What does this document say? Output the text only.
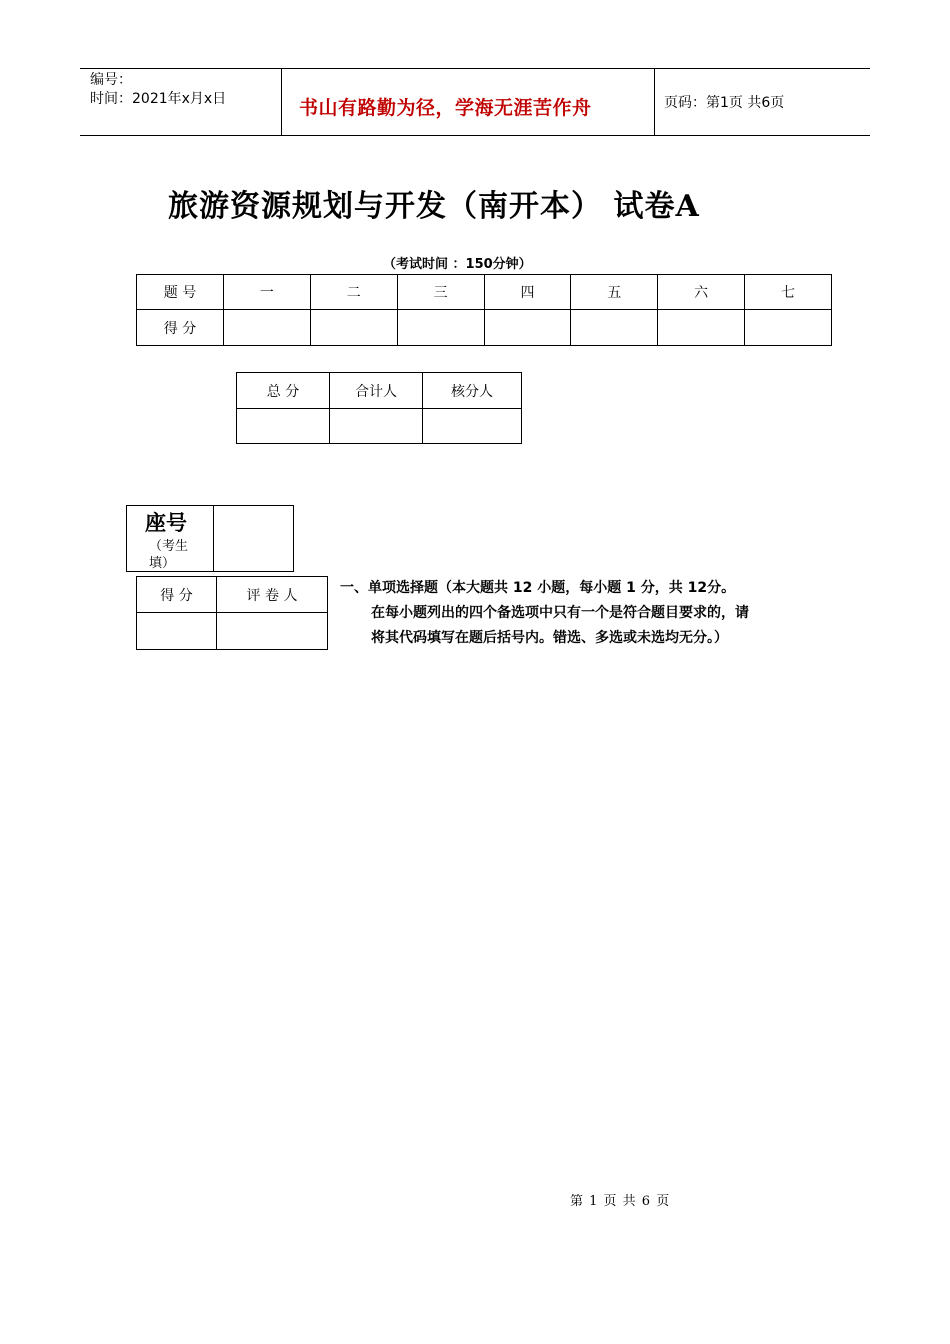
编号：
时间：2021年x月x日	书山有路勤为径，学海无涯苦作舟	页码：第1页 共6页
旅游资源规划与开发（南开本） 试卷A
（考试时间 ：150分钟）
题 号	一	二	三	四	五	六	七
得 分							
总 分	合计人	核分人

座号
（考生填）
得 分	评 卷 人
		一、单项选择题（本大题共 12 小题，每小题 1 分，共 12分。
在每小题列出的四个备选项中只有一个是符合题目要求的，请
将其代码填写在题后括号内。错选、多选或未选均无分。）
第 1 页 共 6 页
